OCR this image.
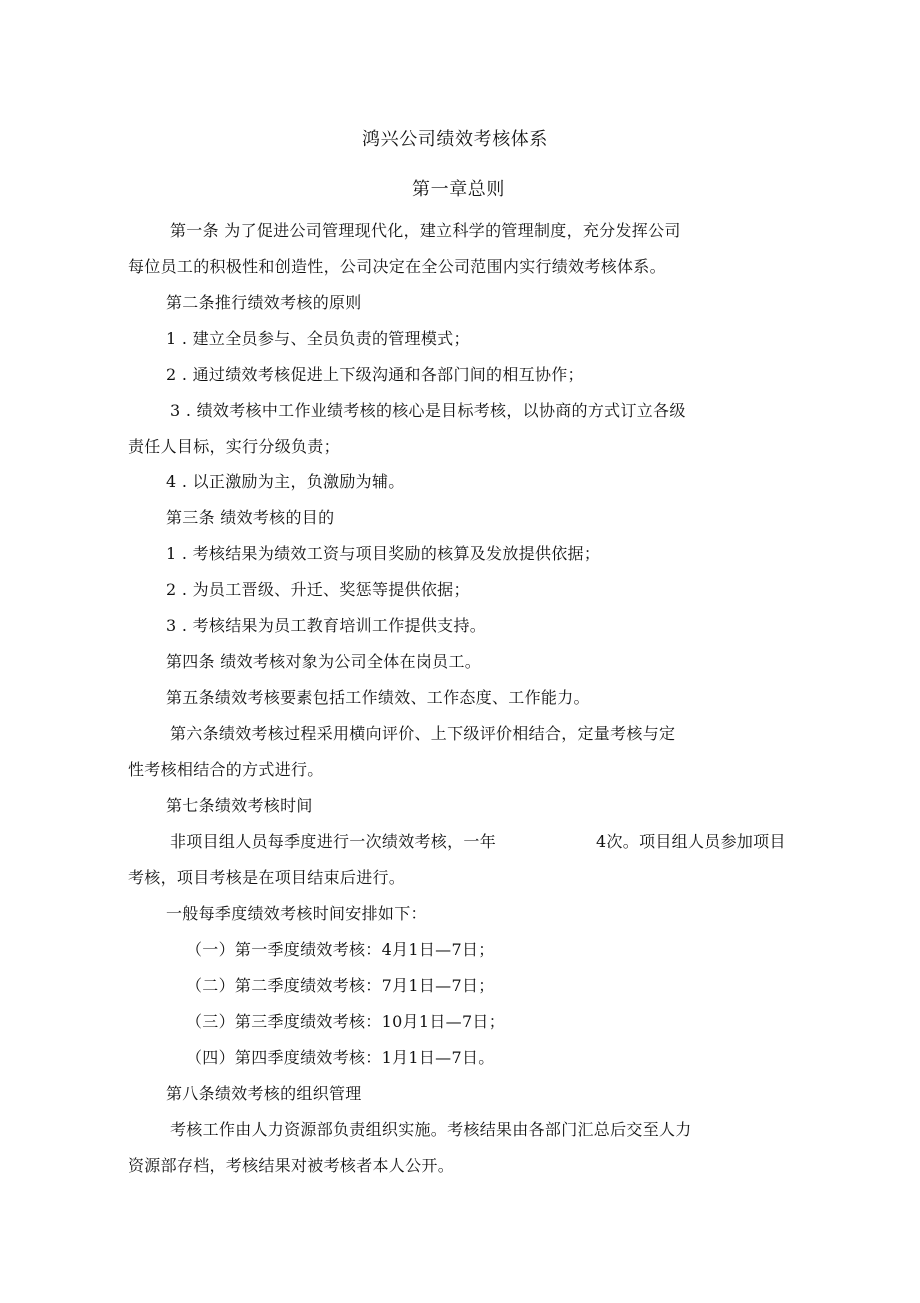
鸿兴公司绩效考核体系
第一章总则
第一条 为了促进公司管理现代化，建立科学的管理制度，充分发挥公司
每位员工的积极性和创造性，公司决定在全公司范围内实行绩效考核体系。
第二条推行绩效考核的原则
1 . 建立全员参与、全员负责的管理模式；
2 . 通过绩效考核促进上下级沟通和各部门间的相互协作；
3 . 绩效考核中工作业绩考核的核心是目标考核，以协商的方式订立各级
责任人目标，实行分级负责；
4 . 以正激励为主，负激励为辅。
第三条 绩效考核的目的
1 . 考核结果为绩效工资与项目奖励的核算及发放提供依据；
2 . 为员工晋级、升迁、奖惩等提供依据；
3 . 考核结果为员工教育培训工作提供支持。
第四条 绩效考核对象为公司全体在岗员工。
第五条绩效考核要素包括工作绩效、工作态度、工作能力。
第六条绩效考核过程采用横向评价、上下级评价相结合，定量考核与定
性考核相结合的方式进行。
第七条绩效考核时间
非项目组人员每季度进行一次绩效考核，一年	4次。项目组人员参加项目
考核，项目考核是在项目结束后进行。
一般每季度绩效考核时间安排如下：
（一）第一季度绩效考核：4月1日—7日；
（二）第二季度绩效考核：7月1日—7日；
（三）第三季度绩效考核：10月1日—7日；
（四）第四季度绩效考核：1月1日—7日。
第八条绩效考核的组织管理
考核工作由人力资源部负责组织实施。考核结果由各部门汇总后交至人力
资源部存档，考核结果对被考核者本人公开。
